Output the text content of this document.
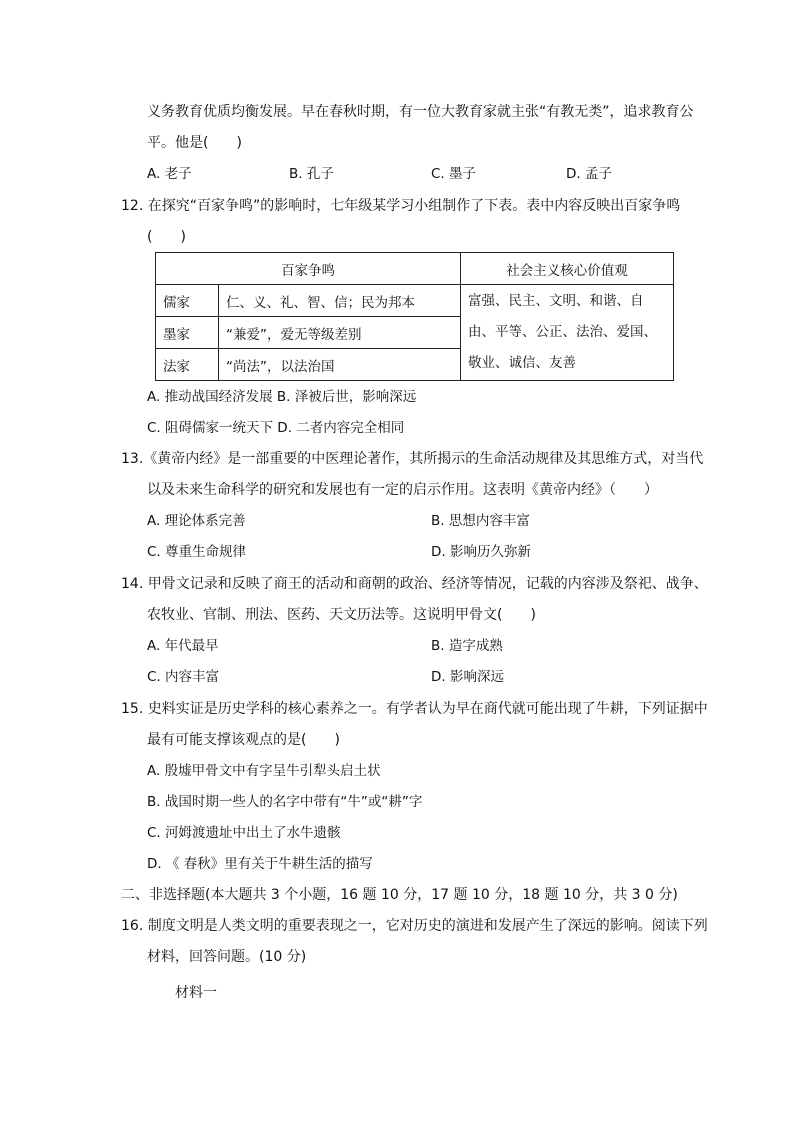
义务教育优质均衡发展。早在春秋时期，有一位大教育家就主张“有教无类”，追求教育公
平。他是(　　)
A. 老子	B. 孔子	C. 墨子	D. 孟子
12. 在探究“百家争鸣”的影响时，七年级某学习小组制作了下表。表中内容反映出百家争鸣
(　　)
百家争鸣		社会主义核心价值观
儒家	仁、义、礼、智、信；民为邦本	富强、民主、文明、和谐、自由、平等、公正、法治、爱国、敬业、诚信、友善
墨家	“兼爱”，爱无等级差别	
法家	“尚法”，以法治国	
A. 推动战国经济发展 B. 泽被后世，影响深远
C. 阻碍儒家一统天下 D. 二者内容完全相同
13.《黄帝内经》是一部重要的中医理论著作，其所揭示的生命活动规律及其思维方式，对当代
以及未来生命科学的研究和发展也有一定的启示作用。这表明《黄帝内经》（　　）
A. 理论体系完善	B. 思想内容丰富
C. 尊重生命规律	D. 影响历久弥新
14. 甲骨文记录和反映了商王的活动和商朝的政治、经济等情况，记载的内容涉及祭祀、战争、
农牧业、官制、刑法、医药、天文历法等。这说明甲骨文(　　)
A. 年代最早	B. 造字成熟
C. 内容丰富	D. 影响深远
15. 史料实证是历史学科的核心素养之一。有学者认为早在商代就可能出现了牛耕，下列证据中
最有可能支撑该观点的是(　　)
A. 殷墟甲骨文中有字呈牛引犁头启土状
B. 战国时期一些人的名字中带有“牛”或“耕”字
C. 河姆渡遗址中出土了水牛遗骸
D. 《 春秋》里有关于牛耕生活的描写
二、非选择题(本大题共 3 个小题，16 题 10 分，17 题 10 分，18 题 10 分，共 3 0 分)
16. 制度文明是人类文明的重要表现之一，它对历史的演进和发展产生了深远的影响。阅读下列
材料，回答问题。(10 分)
材料一
